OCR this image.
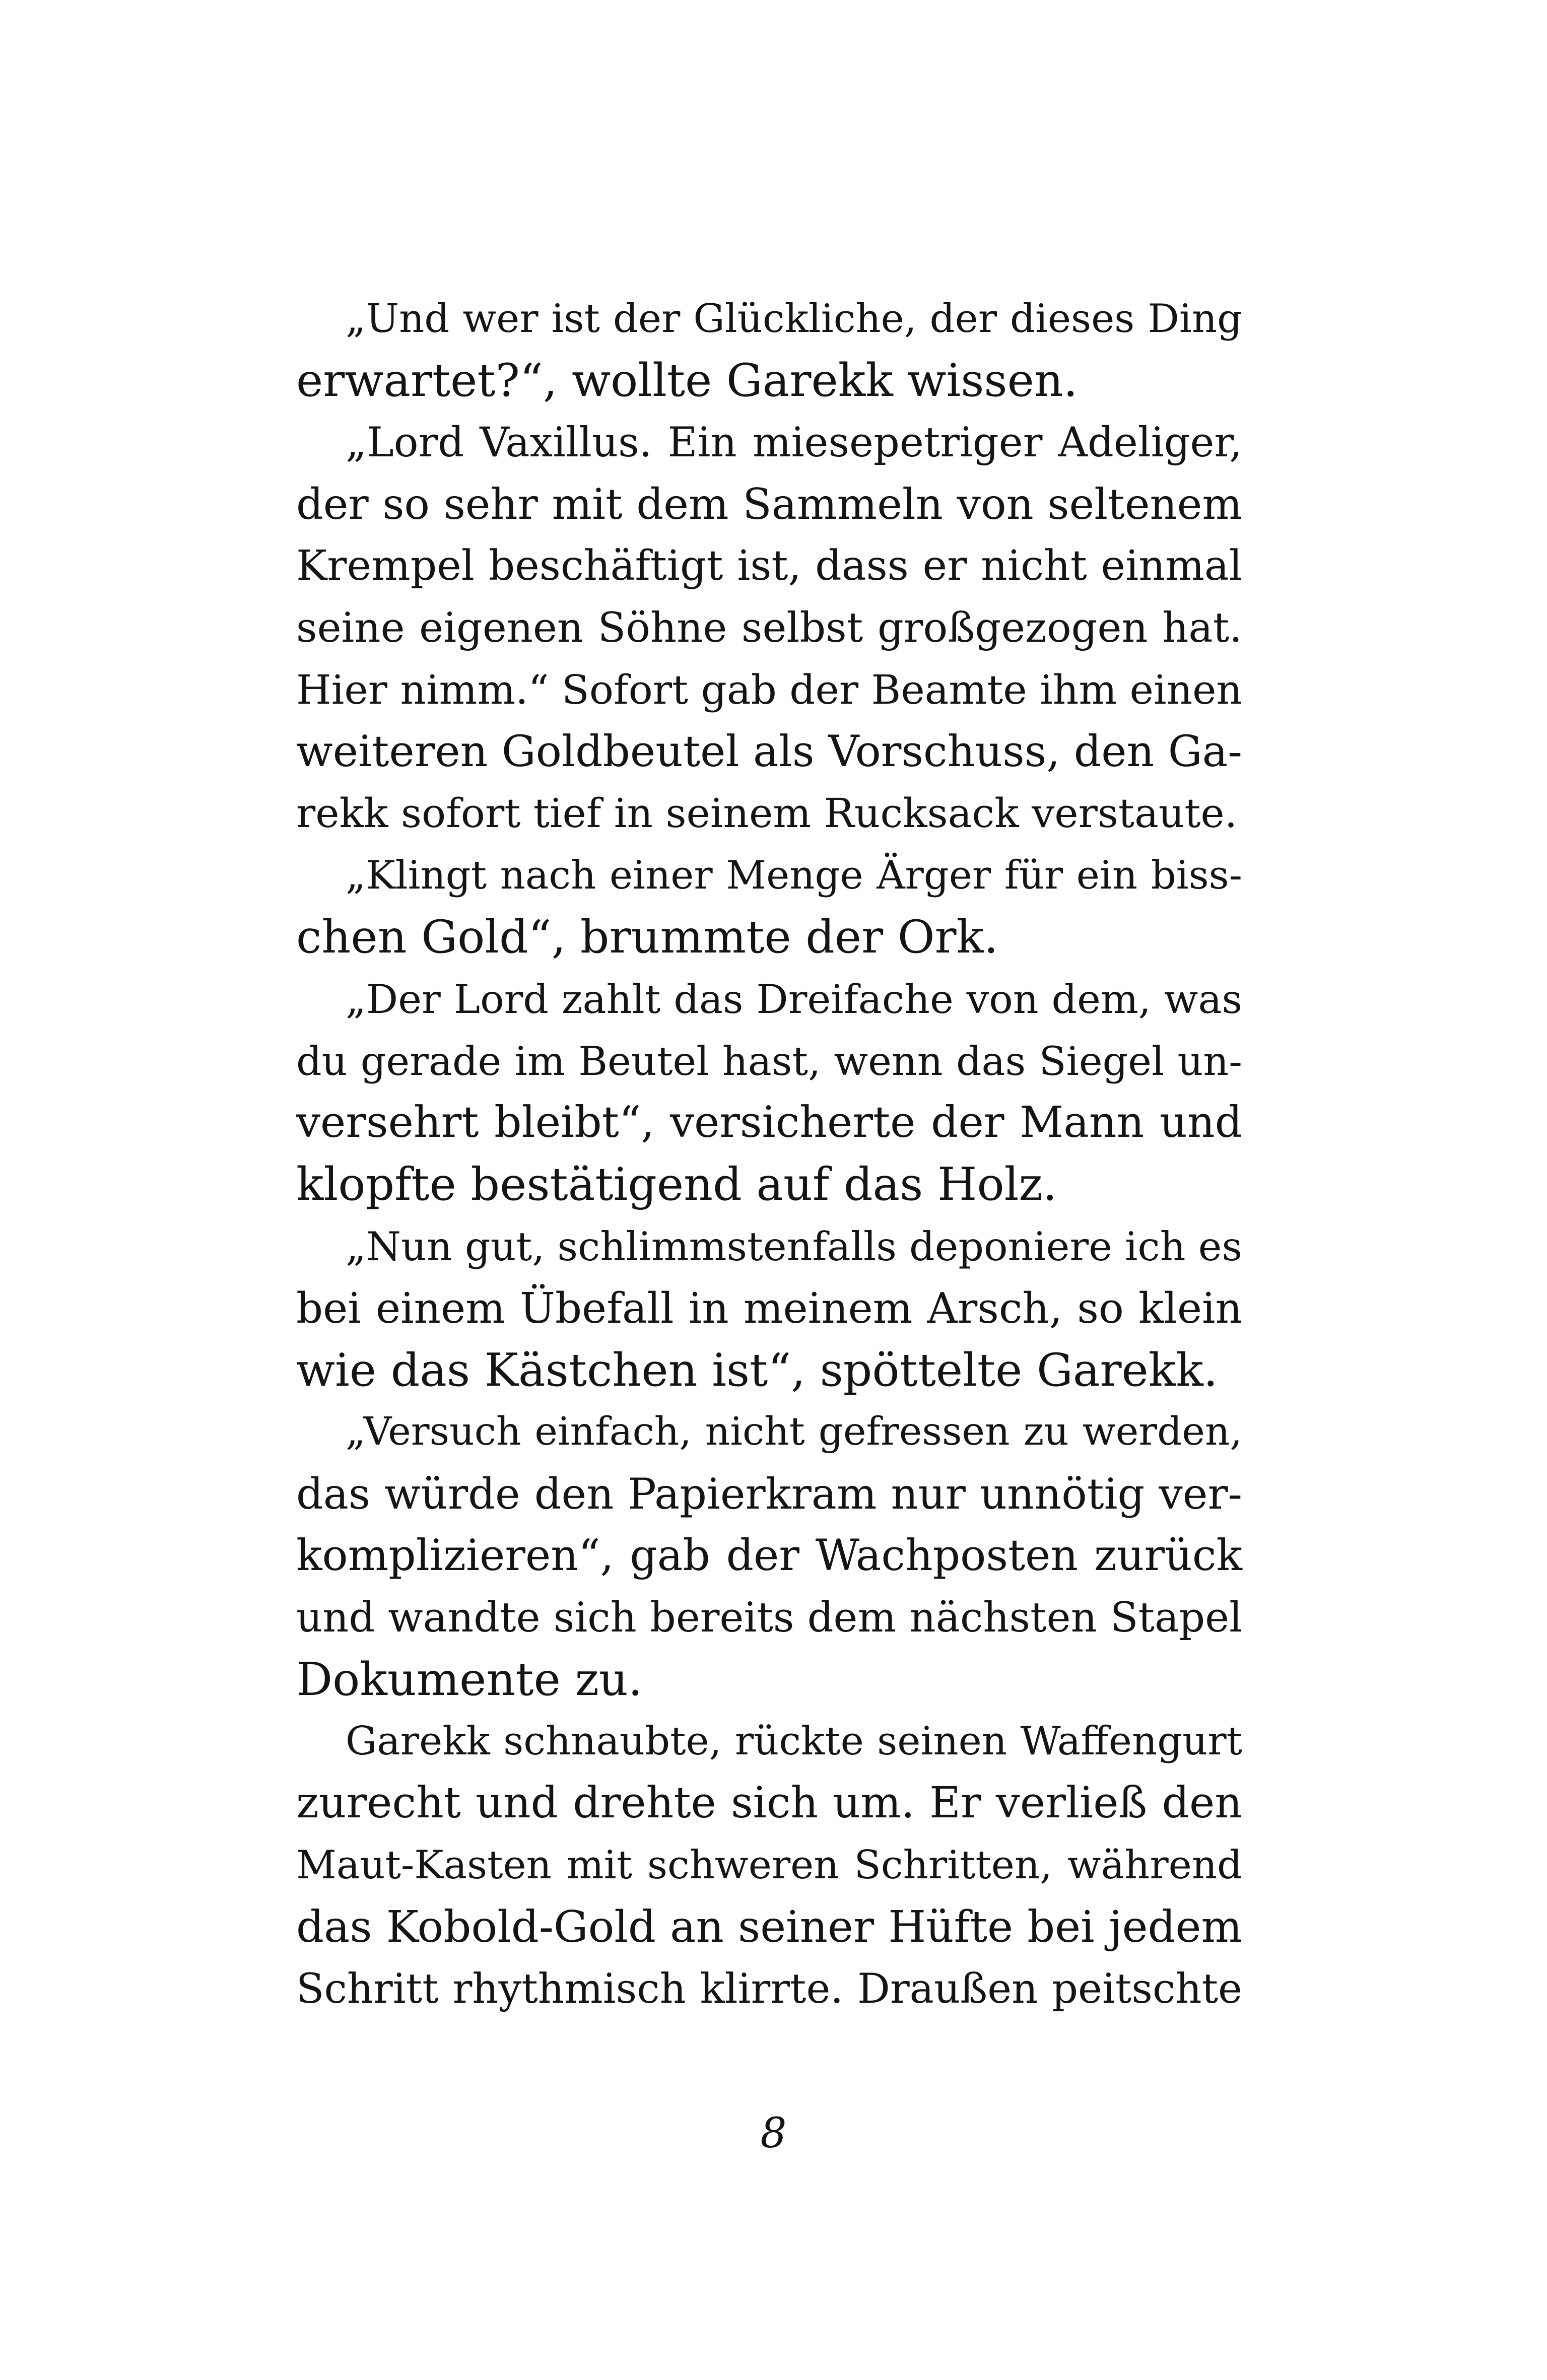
„Und wer ist der Glückliche, der dieses Ding
erwartet?“, wollte Garekk wissen.
„Lord Vaxillus. Ein miesepetriger Adeliger,
der so sehr mit dem Sammeln von seltenem
Krempel beschäftigt ist, dass er nicht einmal
seine eigenen Söhne selbst großgezogen hat.
Hier nimm.“ Sofort gab der Beamte ihm einen
weiteren Goldbeutel als Vorschuss, den Ga-
rekk sofort tief in seinem Rucksack verstaute.
„Klingt nach einer Menge Ärger für ein biss-
chen Gold“, brummte der Ork.
„Der Lord zahlt das Dreifache von dem, was
du gerade im Beutel hast, wenn das Siegel un-
versehrt bleibt“, versicherte der Mann und
klopfte bestätigend auf das Holz.
„Nun gut, schlimmstenfalls deponiere ich es
bei einem Übefall in meinem Arsch, so klein
wie das Kästchen ist“, spöttelte Garekk.
„Versuch einfach, nicht gefressen zu werden,
das würde den Papierkram nur unnötig ver-
komplizieren“, gab der Wachposten zurück
und wandte sich bereits dem nächsten Stapel
Dokumente zu.
Garekk schnaubte, rückte seinen Waffengurt
zurecht und drehte sich um. Er verließ den
Maut-Kasten mit schweren Schritten, während
das Kobold-Gold an seiner Hüfte bei jedem
Schritt rhythmisch klirrte. Draußen peitschte
8
